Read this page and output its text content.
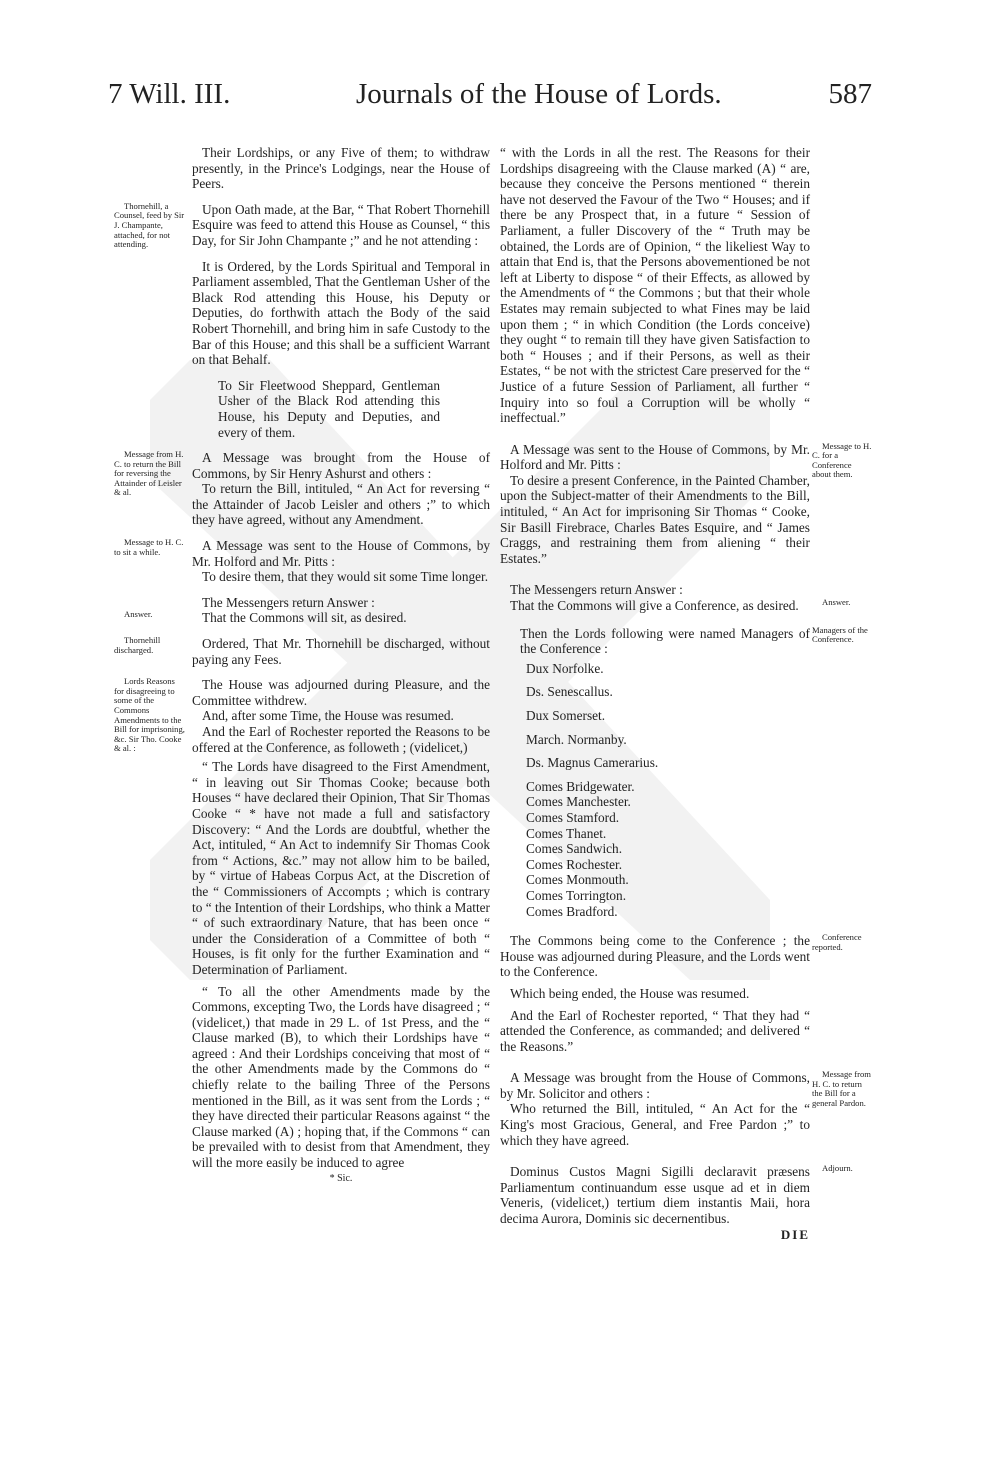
7 Will. III.	Journals of the House of Lords.	587

Their Lordships, or any Five of them; to withdraw presently, in the Prince's Lodgings, near the House of Peers.

Thornehill, a Counsel, feed by Sir J. Champante, attached, for not attending.
Upon Oath made, at the Bar, “ That Robert Thornehill Esquire was feed to attend this House as Counsel, “ this Day, for Sir John Champante ;” and he not attending :

It is Ordered, by the Lords Spiritual and Temporal in Parliament assembled, That the Gentleman Usher of the Black Rod attending this House, his Deputy or Deputies, do forthwith attach the Body of the said Robert Thornehill, and bring him in safe Custody to the Bar of this House; and this shall be a sufficient Warrant on that Behalf.

To Sir Fleetwood Sheppard, Gentleman Usher of the Black Rod attending this House, his Deputy and Deputies, and every of them.

Message from H. C. to return the Bill for reversing the Attainder of Leisler & al.
A Message was brought from the House of Commons, by Sir Henry Ashurst and others :

To return the Bill, intituled, “ An Act for reversing “ the Attainder of Jacob Leisler and others ;” to which they have agreed, without any Amendment.

Message to H. C. to sit a while.	A Message was sent to the House of Commons, by Mr. Holford and Mr. Pitts :

To desire them, that they would sit some Time longer.

The Messengers return Answer :

Answer.	That the Commons will sit, as desired.

Thornehill discharged.	Ordered, That Mr. Thornehill be discharged, without paying any Fees.

Lords Reasons for disagreeing to some of the Commons Amendments to the Bill for imprisoning, &c. Sir Tho. Cooke & al. :
The House was adjourned during Pleasure, and the Committee withdrew.

And, after some Time, the House was resumed.

And the Earl of Rochester reported the Reasons to be offered at the Conference, as followeth ; (videlicet,)

“ The Lords have disagreed to the First Amendment, “ in leaving out Sir Thomas Cooke; because both Houses “ have declared their Opinion, That Sir Thomas Cooke “ * have not made a full and satisfactory Discovery: “ And the Lords are doubtful, whether the Act, intituled, “ An Act to indemnify Sir Thomas Cook from “ Actions, &c.” may not allow him to be bailed, by “ virtue of Habeas Corpus Act, at the Discretion of the “ Commissioners of Accompts ; which is contrary to “ the Intention of their Lordships, who think a Matter “ of such extraordinary Nature, that has been once “ under the Consideration of a Committee of both “ Houses, is fit only for the further Examination and “ Determination of Parliament.

“ To all the other Amendments made by the Commons, excepting Two, the Lords have disagreed ; “ (videlicet,) that made in 29 L. of 1st Press, and the “ Clause marked (B), to which their Lordships have “ agreed : And their Lordships conceiving that most of “ the other Amendments made by the Commons do “ chiefly relate to the bailing Three of the Persons mentioned in the Bill, as it was sent from the Lords ; “ they have directed their particular Reasons against “ the Clause marked (A) ; hoping that, if the Commons “ can be prevailed with to desist from that Amendment, they will the more easily be induced to agree

* Sic.

“ with the Lords in all the rest. The Reasons for their Lordships disagreeing with the Clause marked (A) “ are, because they conceive the Persons mentioned “ therein have not deserved the Favour of the Two “ Houses; and if there be any Prospect that, in a future “ Session of Parliament, a fuller Discovery of the “ Truth may be obtained, the Lords are of Opinion, “ the likeliest Way to attain that End is, that the Persons abovementioned be not left at Liberty to dispose “ of their Effects, as allowed by the Amendments of “ the Commons ; but that their whole Estates may remain subjected to what Fines may be laid upon them ; “ in which Condition (the Lords conceive) they ought “ to remain till they have given Satisfaction to both “ Houses ; and if their Persons, as well as their Estates, “ be not with the strictest Care preserved for the “ Justice of a future Session of Parliament, all further “ Inquiry into so foul a Corruption will be wholly “ ineffectual.”

Message to H. C. for a Conference about them.
A Message was sent to the House of Commons, by Mr. Holford and Mr. Pitts :

To desire a present Conference, in the Painted Chamber, upon the Subject-matter of their Amendments to the Bill, intituled, “ An Act for imprisoning Sir Thomas “ Cooke, Sir Basill Firebrace, Charles Bates Esquire, and “ James Craggs, and restraining them from aliening “ their Estates.”

The Messengers return Answer :

Answer.
That the Commons will give a Conference, as desired.

Managers of the Conference.
Then the Lords following were named Managers of the Conference :

Dux Norfolke.

Ds. Senescallus.

Dux Somerset.

March. Normanby.

Ds. Magnus Camerarius.

Comes Bridgewater.

Comes Manchester.

Comes Stamford.

Comes Thanet.

Comes Sandwich.

Comes Rochester.

Comes Monmouth.

Comes Torrington.

Comes Bradford.

Conference reported.
The Commons being come to the Conference ; the House was adjourned during Pleasure, and the Lords went to the Conference.

Which being ended, the House was resumed.

And the Earl of Rochester reported, “ That they had “ attended the Conference, as commanded; and delivered “ the Reasons.”

Message from H. C. to return the Bill for a general Pardon.
A Message was brought from the House of Commons, by Mr. Solicitor and others :

Who returned the Bill, intituled, “ An Act for the “ King's most Gracious, General, and Free Pardon ;” to which they have agreed.

Adjourn.
Dominus Custos Magni Sigilli declaravit præsens Parliamentum continuandum esse usque ad et in diem Veneris, (videlicet,) tertium diem instantis Maii, hora decima Aurora, Dominis sic decernentibus.

DIE
